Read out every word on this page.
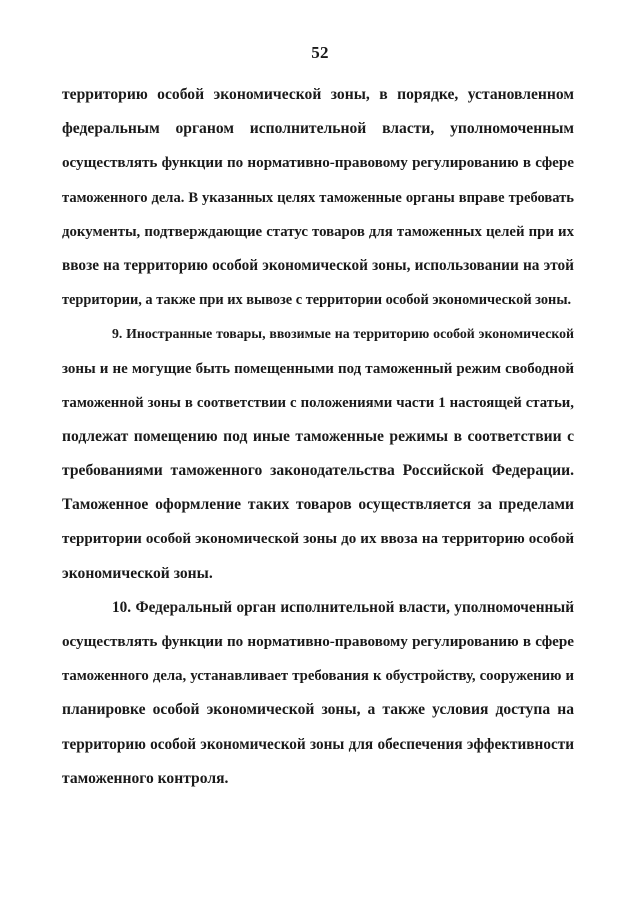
52
территорию особой экономической зоны, в порядке, установленном
федеральным органом исполнительной власти, уполномоченным
осуществлять функции по нормативно-правовому регулированию в сфере
таможенного дела. В указанных целях таможенные органы вправе требовать
документы, подтверждающие статус товаров для таможенных целей при их
ввозе на территорию особой экономической зоны, использовании на этой
территории, а также при их вывозе с территории особой экономической зоны.
9. Иностранные товары, ввозимые на территорию особой экономической
зоны и не могущие быть помещенными под таможенный режим свободной
таможенной зоны в соответствии с положениями части 1 настоящей статьи,
подлежат помещению под иные таможенные режимы в соответствии с
требованиями таможенного законодательства Российской Федерации.
Таможенное оформление таких товаров осуществляется за пределами
территории особой экономической зоны до их ввоза на территорию особой
экономической зоны.
10. Федеральный орган исполнительной власти, уполномоченный
осуществлять функции по нормативно-правовому регулированию в сфере
таможенного дела, устанавливает требования к обустройству, сооружению и
планировке особой экономической зоны, а также условия доступа на
территорию особой экономической зоны для обеспечения эффективности
таможенного контроля.
